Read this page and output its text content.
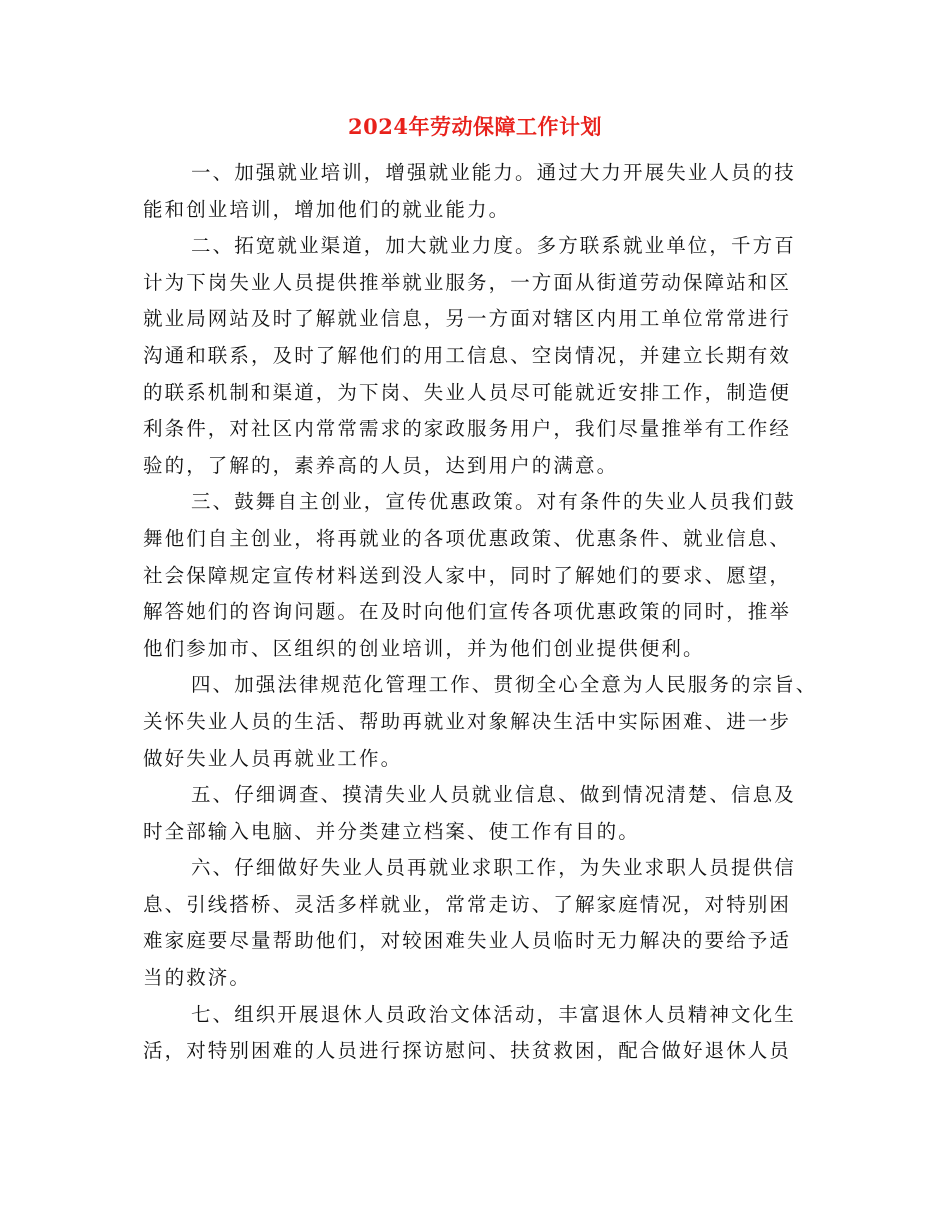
2024年劳动保障工作计划
一、加强就业培训，增强就业能力。通过大力开展失业人员的技
能和创业培训，增加他们的就业能力。
二、拓宽就业渠道，加大就业力度。多方联系就业单位，千方百
计为下岗失业人员提供推举就业服务，一方面从街道劳动保障站和区
就业局网站及时了解就业信息，另一方面对辖区内用工单位常常进行
沟通和联系，及时了解他们的用工信息、空岗情况，并建立长期有效
的联系机制和渠道，为下岗、失业人员尽可能就近安排工作，制造便
利条件，对社区内常常需求的家政服务用户，我们尽量推举有工作经
验的，了解的，素养高的人员，达到用户的满意。
三、鼓舞自主创业，宣传优惠政策。对有条件的失业人员我们鼓
舞他们自主创业，将再就业的各项优惠政策、优惠条件、就业信息、
社会保障规定宣传材料送到没人家中，同时了解她们的要求、愿望，
解答她们的咨询问题。在及时向他们宣传各项优惠政策的同时，推举
他们参加市、区组织的创业培训，并为他们创业提供便利。
四、加强法律规范化管理工作、贯彻全心全意为人民服务的宗旨、
关怀失业人员的生活、帮助再就业对象解决生活中实际困难、进一步
做好失业人员再就业工作。
五、仔细调查、摸清失业人员就业信息、做到情况清楚、信息及
时全部输入电脑、并分类建立档案、使工作有目的。
六、仔细做好失业人员再就业求职工作，为失业求职人员提供信
息、引线搭桥、灵活多样就业，常常走访、了解家庭情况，对特别困
难家庭要尽量帮助他们，对较困难失业人员临时无力解决的要给予适
当的救济。
七、组织开展退休人员政治文体活动，丰富退休人员精神文化生
活，对特别困难的人员进行探访慰问、扶贫救困，配合做好退休人员
